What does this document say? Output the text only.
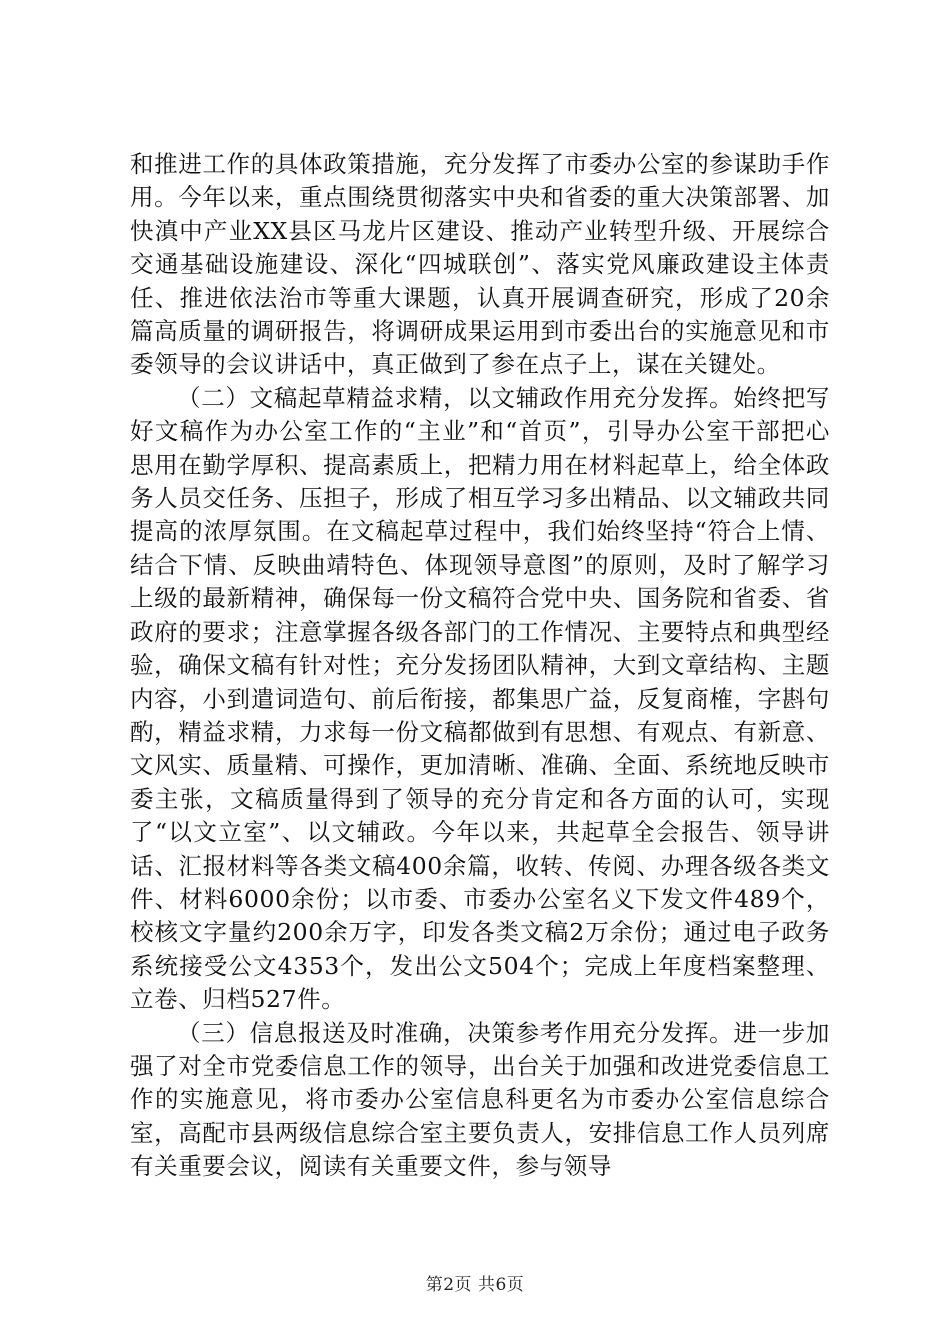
和推进工作的具体政策措施，充分发挥了市委办公室的参谋助手作用。今年以来，重点围绕贯彻落实中央和省委的重大决策部署、加快滇中产业XX县区马龙片区建设、推动产业转型升级、开展综合交通基础设施建设、深化“四城联创”、落实党风廉政建设主体责任、推进依法治市等重大课题，认真开展调查研究，形成了20余篇高质量的调研报告，将调研成果运用到市委出台的实施意见和市委领导的会议讲话中，真正做到了参在点子上，谋在关键处。

（二）文稿起草精益求精，以文辅政作用充分发挥。始终把写好文稿作为办公室工作的“主业”和“首页”，引导办公室干部把心思用在勤学厚积、提高素质上，把精力用在材料起草上，给全体政务人员交任务、压担子，形成了相互学习多出精品、以文辅政共同提高的浓厚氛围。在文稿起草过程中，我们始终坚持“符合上情、结合下情、反映曲靖特色、体现领导意图”的原则，及时了解学习上级的最新精神，确保每一份文稿符合党中央、国务院和省委、省政府的要求；注意掌握各级各部门的工作情况、主要特点和典型经验，确保文稿有针对性；充分发扬团队精神，大到文章结构、主题内容，小到遣词造句、前后衔接，都集思广益，反复商榷，字斟句酌，精益求精，力求每一份文稿都做到有思想、有观点、有新意、文风实、质量精、可操作，更加清晰、准确、全面、系统地反映市委主张，文稿质量得到了领导的充分肯定和各方面的认可，实现了“以文立室”、以文辅政。今年以来，共起草全会报告、领导讲话、汇报材料等各类文稿400余篇，收转、传阅、办理各级各类文件、材料6000余份；以市委、市委办公室名义下发文件489个，校核文字量约200余万字，印发各类文稿2万余份；通过电子政务系统接受公文4353个，发出公文504个；完成上年度档案整理、立卷、归档527件。

（三）信息报送及时准确，决策参考作用充分发挥。进一步加强了对全市党委信息工作的领导，出台关于加强和改进党委信息工作的实施意见，将市委办公室信息科更名为市委办公室信息综合室，高配市县两级信息综合室主要负责人，安排信息工作人员列席有关重要会议，阅读有关重要文件，参与领导

第2页 共6页
